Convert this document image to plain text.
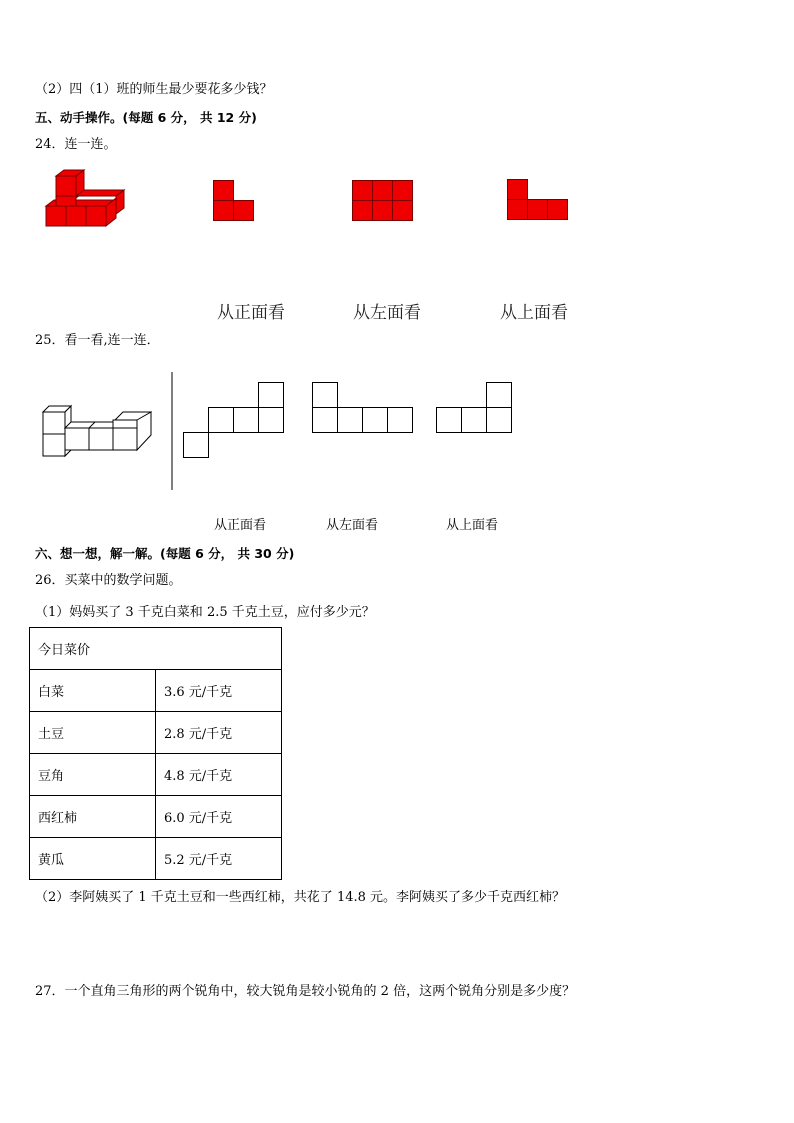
（2）四（1）班的师生最少要花多少钱？
五、动手操作。(每题 6 分， 共 12 分)
24．连一连。
从正面看	从左面看	从上面看
25．看一看,连一连．
从正面看	从左面看	从上面看
六、想一想，解一解。(每题 6 分， 共 30 分)
26．买菜中的数学问题。
（1）妈妈买了 3 千克白菜和 2.5 千克土豆，应付多少元？
今日菜价	
白菜	3.6 元/千克
土豆	2.8 元/千克
豆角	4.8 元/千克
西红柿	6.0 元/千克
黄瓜	5.2 元/千克
（2）李阿姨买了 1 千克土豆和一些西红柿，共花了 14.8 元。李阿姨买了多少千克西红柿？
27．一个直角三角形的两个锐角中，较大锐角是较小锐角的 2 倍，这两个锐角分别是多少度？
